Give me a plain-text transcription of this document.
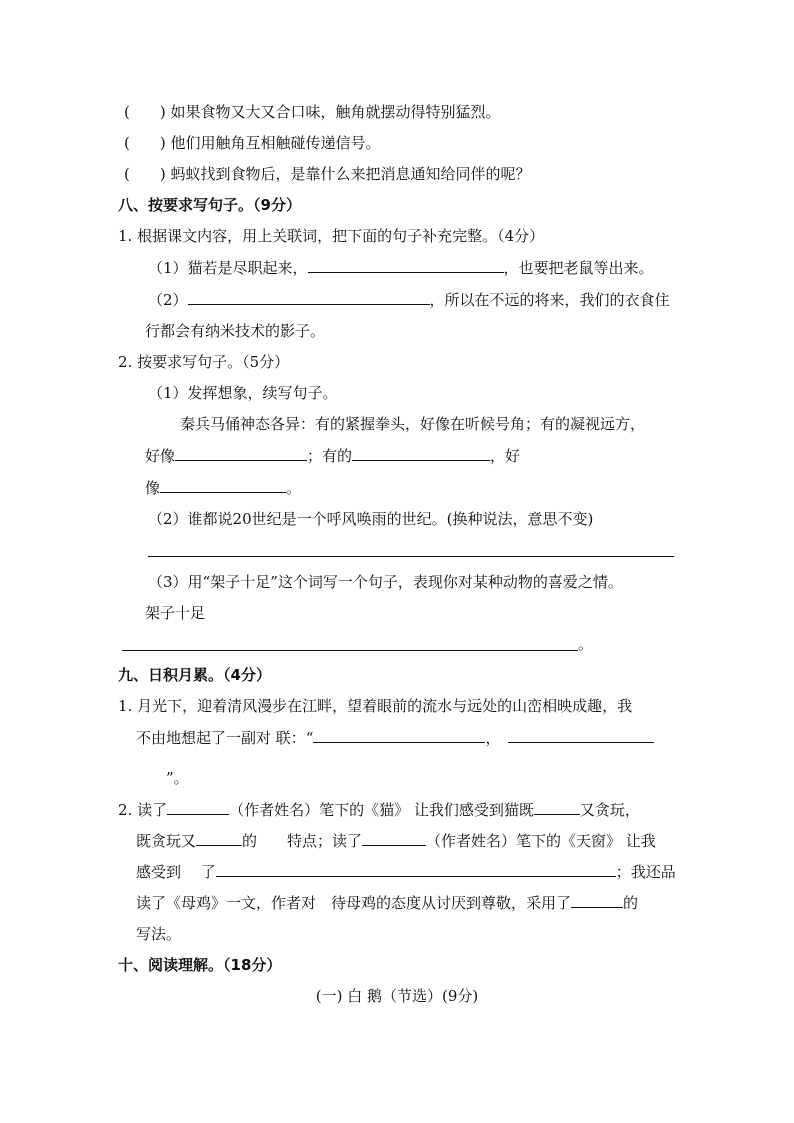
(　　) 如果食物又大又合口味，触角就摆动得特别猛烈。
(　　) 他们用触角互相触碰传递信号。
(　　) 蚂蚁找到食物后，是靠什么来把消息通知给同伴的呢？
八、按要求写句子。（9分）
1. 根据课文内容，用上关联词，把下面的句子补充完整。（4分）
（1）猫若是尽职起来，	，也要把老鼠等出来。
（2）	，所以在不远的将来，我们的衣食住
行都会有纳米技术的影子。
2. 按要求写句子。（5分）
（1）发挥想象，续写句子。
秦兵马俑神态各异：有的紧握拳头，好像在听候号角；有的凝视远方，
好像	；有的	，好
像	。
（2）谁都说20世纪是一个呼风唤雨的世纪。(换种说法，意思不变)
（3）用“架子十足”这个词写一个句子，表现你对某种动物的喜爱之情。
架子十足
。
九、日积月累。（4分）
1. 月光下，迎着清风漫步在江畔，望着眼前的流水与远处的山峦相映成趣，我
不由地想起了一副对 联：“	，
”。
2. 读了	（作者姓名）笔下的《猫》 让我们感受到猫既	又贪玩，
既贪玩又	的　　特点；读了	（作者姓名）笔下的《天窗》 让我
感受到　 了	；我还品
读了《母鸡》一文，作者对　待母鸡的态度从讨厌到尊敬，采用了	的
写法。
十、阅读理解。（18分）
(一) 白 鹅（节选）(9分)
